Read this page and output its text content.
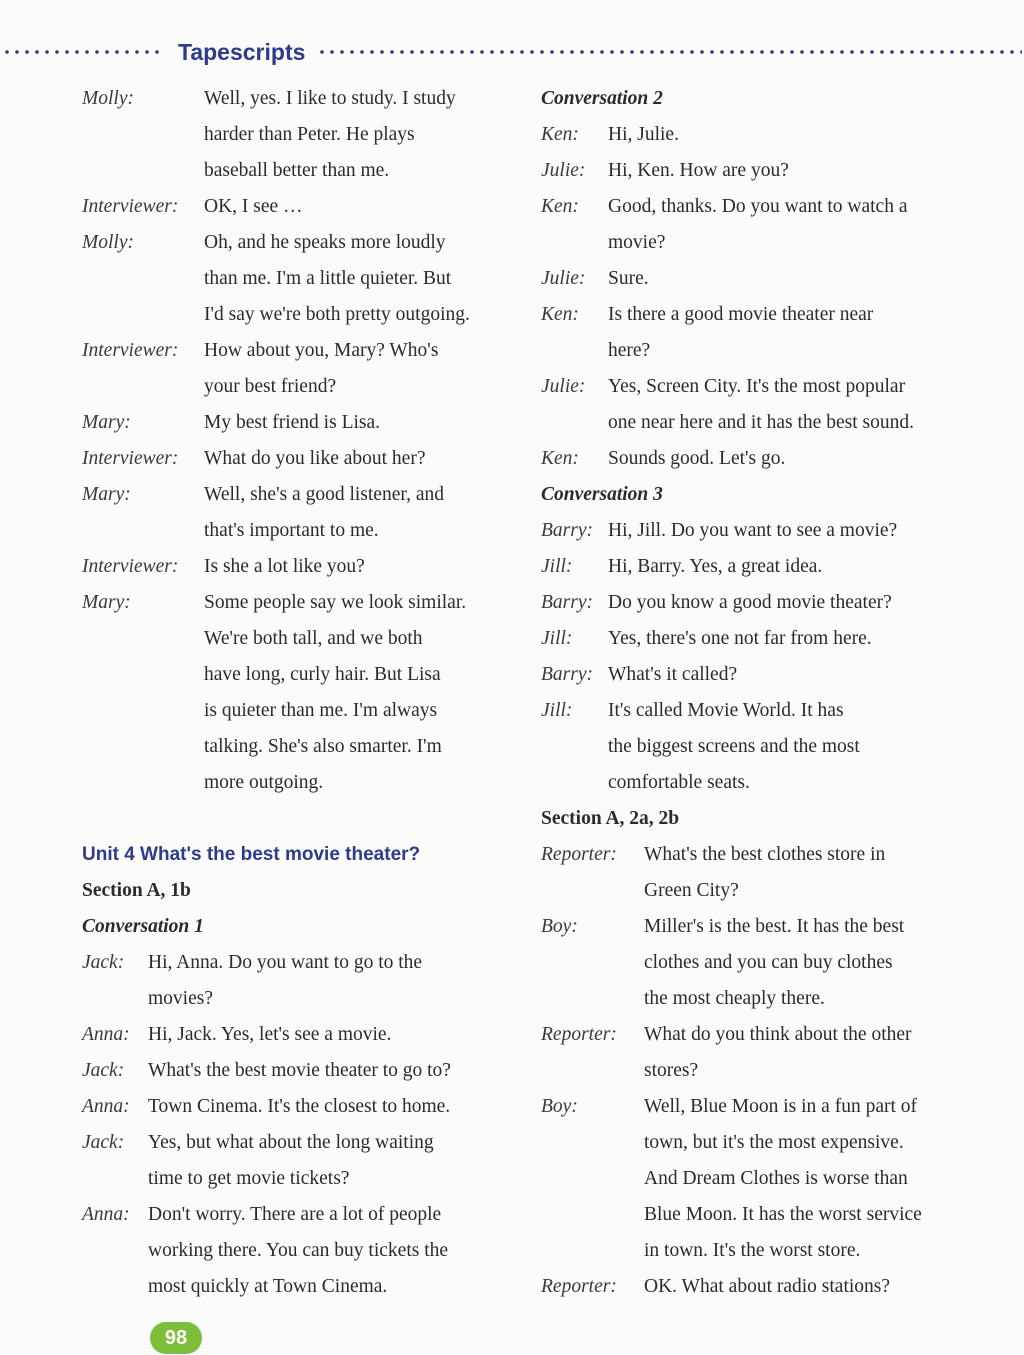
Tapescripts
Molly:	Well, yes. I like to study. I study
harder than Peter. He plays
baseball better than me.
Interviewer:	OK, I see …
Molly:	Oh, and he speaks more loudly
than me. I'm a little quieter. But
I'd say we're both pretty outgoing.
Interviewer:	How about you, Mary? Who's
your best friend?
Mary:	My best friend is Lisa.
Interviewer:	What do you like about her?
Mary:	Well, she's a good listener, and
that's important to me.
Interviewer:	Is she a lot like you?
Mary:	Some people say we look similar.
We're both tall, and we both
have long, curly hair. But Lisa
is quieter than me. I'm always
talking. She's also smarter. I'm
more outgoing.
Unit 4 What's the best movie theater?
Section A, 1b
Conversation 1
Jack:	Hi, Anna. Do you want to go to the
movies?
Anna: Hi, Jack. Yes, let's see a movie.
Jack:	What's the best movie theater to go to?
Anna: Town Cinema. It's the closest to home.
Jack:	Yes, but what about the long waiting
time to get movie tickets?
Anna: Don't worry. There are a lot of people
working there. You can buy tickets the
most quickly at Town Cinema.
Conversation 2
Ken:	Hi, Julie.
Julie:	Hi, Ken. How are you?
Ken:	Good, thanks. Do you want to watch a
movie?
Julie:	Sure.
Ken:	Is there a good movie theater near
here?
Julie:	Yes, Screen City. It's the most popular
one near here and it has the best sound.
Ken:	Sounds good. Let's go.
Conversation 3
Barry: Hi, Jill. Do you want to see a movie?
Jill:	Hi, Barry. Yes, a great idea.
Barry: Do you know a good movie theater?
Jill:	Yes, there's one not far from here.
Barry: What's it called?
Jill:	It's called Movie World. It has
the biggest screens and the most
comfortable seats.
Section A, 2a, 2b
Reporter:	What's the best clothes store in
Green City?
Boy:	Miller's is the best. It has the best
clothes and you can buy clothes
the most cheaply there.
Reporter:	What do you think about the other
stores?
Boy:	Well, Blue Moon is in a fun part of
town, but it's the most expensive.
And Dream Clothes is worse than
Blue Moon. It has the worst service
in town. It's the worst store.
Reporter:	OK. What about radio stations?
98
